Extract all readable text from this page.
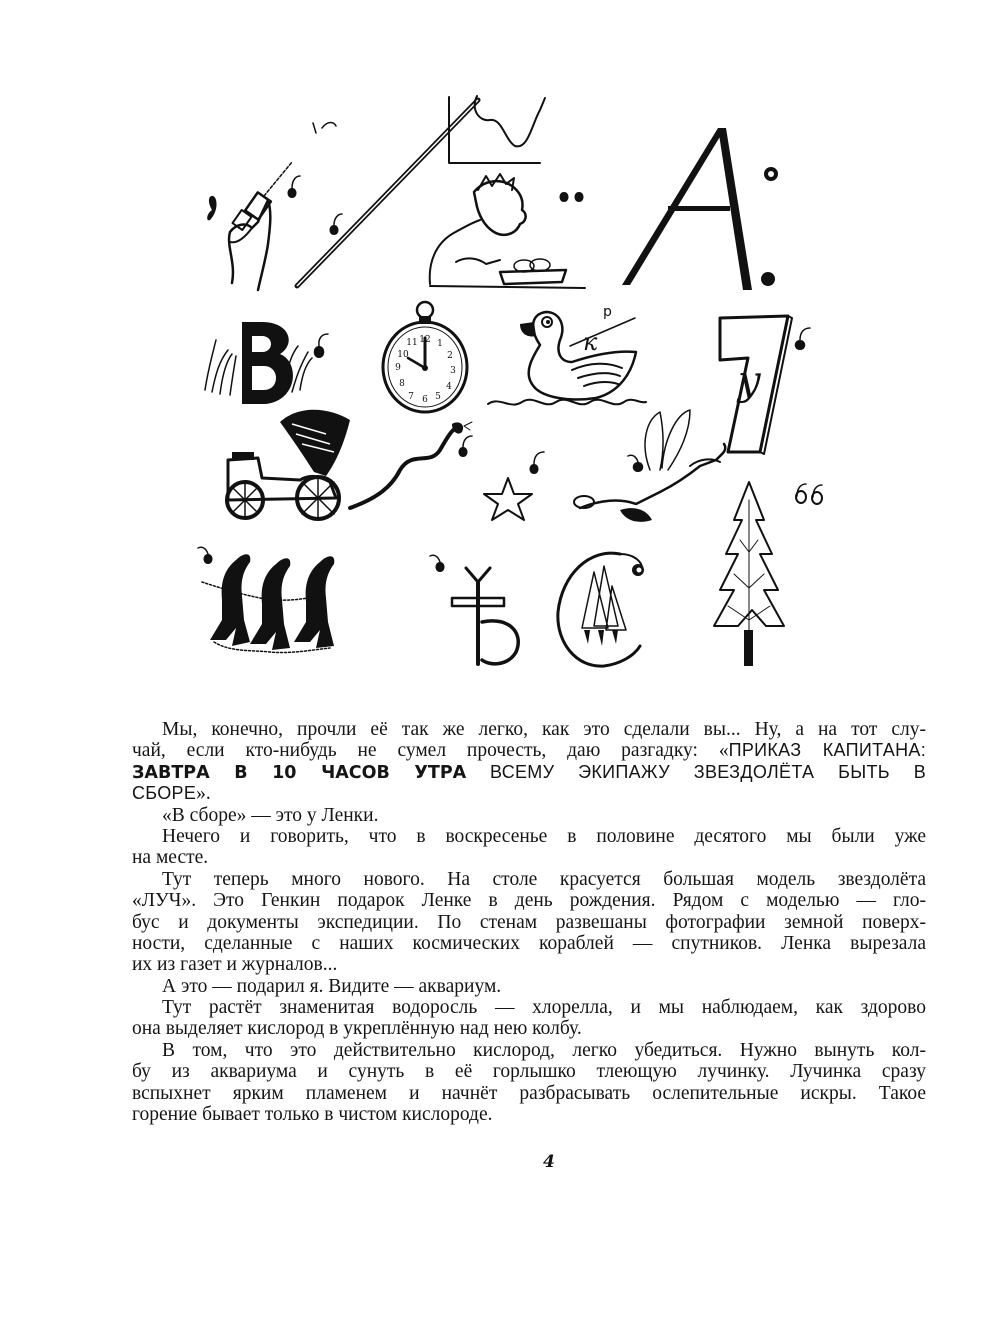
12 1
2
3
4
5
6
7
8
9
10
11	к
р
у
Мы, конечно, прочли её так же легко, как это сделали вы... Ну, а на тот слу-
чай, если кто-нибудь не сумел прочесть, даю разгадку: «ПРИКАЗ КАПИТАНА:
ЗАВТРА В 10 ЧАСОВ УТРА ВСЕМУ ЭКИПАЖУ ЗВЕЗДОЛЁТА БЫТЬ В
СБОРЕ».
«В сборе» — это у Ленки.
Нечего и говорить, что в воскресенье в половине десятого мы были уже
на месте.
Тут теперь много нового. На столе красуется большая модель звездолёта
«ЛУЧ». Это Генкин подарок Ленке в день рождения. Рядом с моделью — гло-
бус и документы экспедиции. По стенам развешаны фотографии земной поверх-
ности, сделанные с наших космических кораблей — спутников. Ленка вырезала
их из газет и журналов...
А это — подарил я. Видите — аквариум.
Тут растёт знаменитая водоросль — хлорелла, и мы наблюдаем, как здорово
она выделяет кислород в укреплённую над нею колбу.
В том, что это действительно кислород, легко убедиться. Нужно вынуть кол-
бу из аквариума и сунуть в её горлышко тлеющую лучинку. Лучинка сразу
вспыхнет ярким пламенем и начнёт разбрасывать ослепительные искры. Такое
горение бывает только в чистом кислороде.
4
